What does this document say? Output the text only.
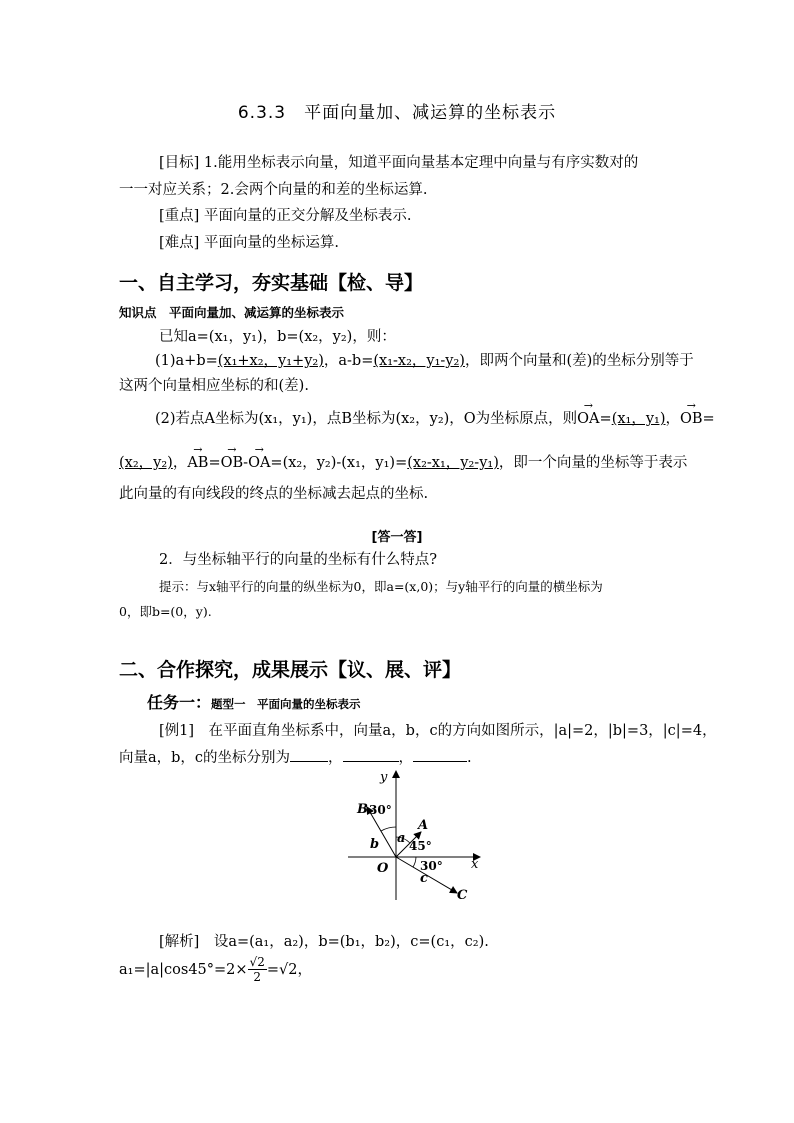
6.3.3　平面向量加、减运算的坐标表示
[目标] 1.能用坐标表示向量，知道平面向量基本定理中向量与有序实数对的
一一对应关系；2.会两个向量的和差的坐标运算.
[重点] 平面向量的正交分解及坐标表示.
[难点] 平面向量的坐标运算.
一、自主学习，夯实基础【检、导】
知识点　平面向量加、减运算的坐标表示
已知a=(x₁，y₁)，b=(x₂，y₂)，则：
(1)a+b=(x₁+x₂，y₁+y₂)，a-b=(x₁-x₂，y₁-y₂)，即两个向量和(差)的坐标分别等于
这两个向量相应坐标的和(差).
(2)若点A坐标为(x₁，y₁)，点B坐标为(x₂，y₂)，O为坐标原点，则→ OA=(x₁，y₁)，→ OB=
(x₂，y₂)，→ AB=→ OB-→ OA=(x₂，y₂)-(x₁，y₁)=(x₂-x₁，y₂-y₁)，即一个向量的坐标等于表示
此向量的有向线段的终点的坐标减去起点的坐标.
[答一答]
2．与坐标轴平行的向量的坐标有什么特点?
提示：与x轴平行的向量的纵坐标为0，即a=(x,0)；与y轴平行的向量的横坐标为
0，即b=(0，y).
二、合作探究，成果展示【议、展、评】
任务一：题型一　平面向量的坐标表示
[例1]　在平面直角坐标系中，向量a，b，c的方向如图所示，|a|=2，|b|=3，|c|=4，
向量a，b，c的坐标分别为	，	，	.
y
x
O
A
B
C
a
b
c
30°
45°
30°
[解析]　设a=(a₁，a₂)，b=(b₁，b₂)，c=(c₁，c₂).
$a_1=|a|\cos 45^\circ=2\times \frac{√2}{2} =√2$，
